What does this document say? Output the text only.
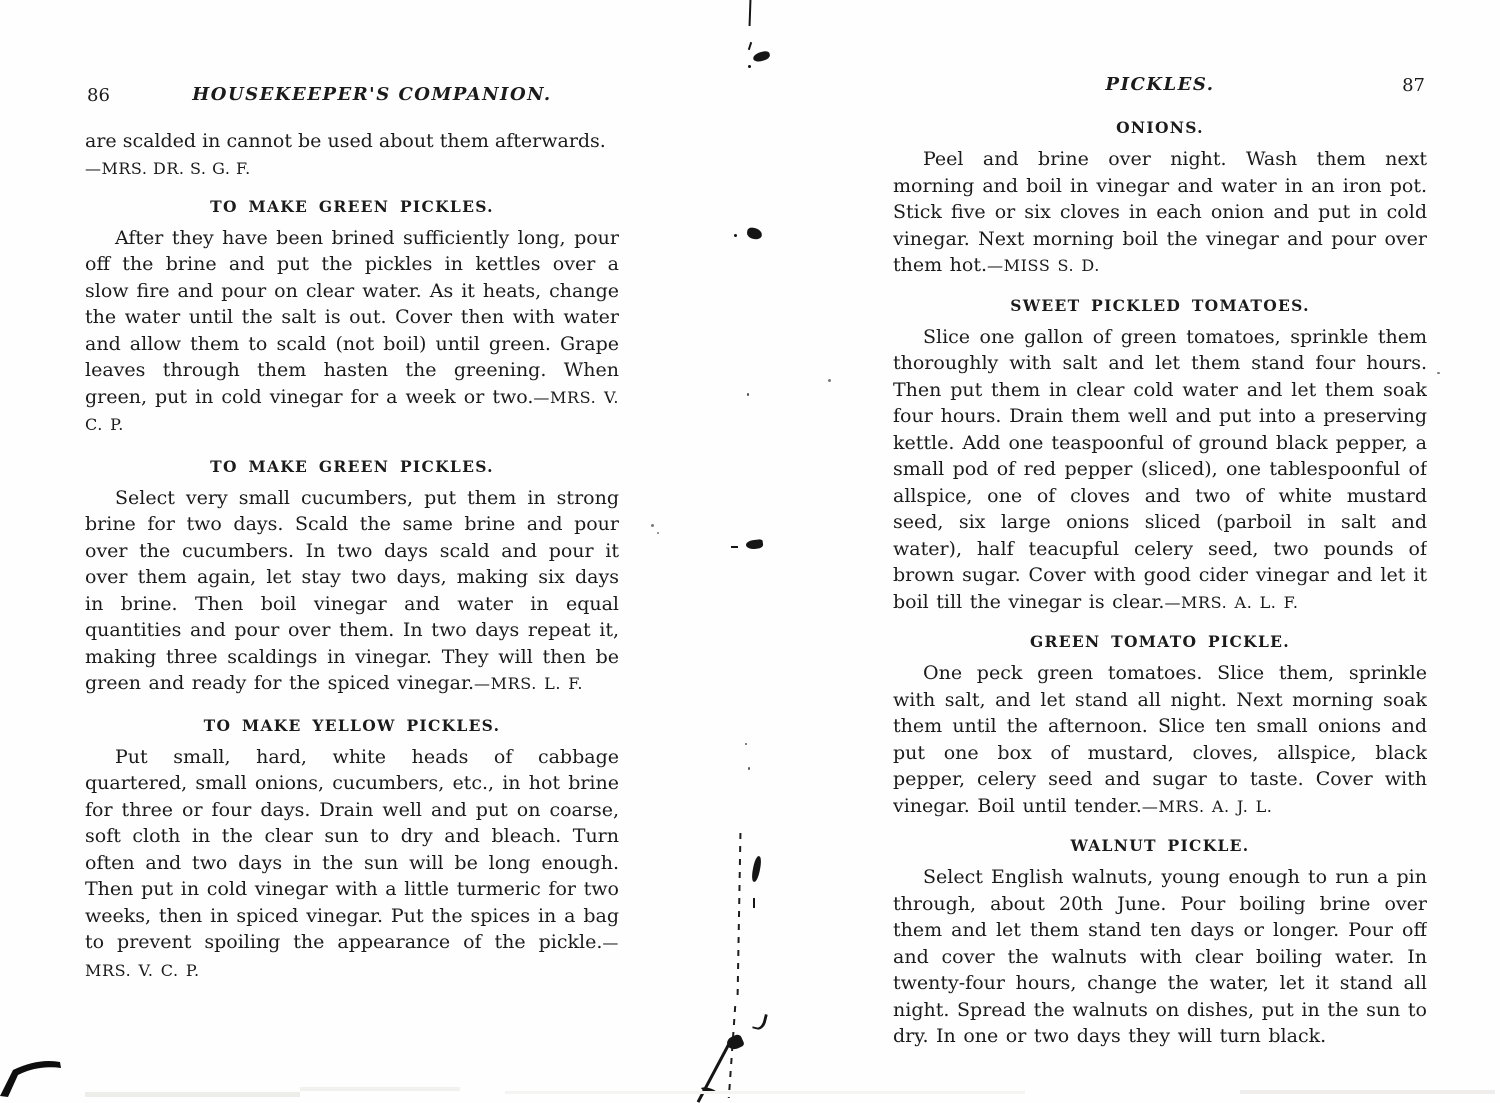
86	HOUSEKEEPER'S COMPANION.
are scalded in cannot be used about them afterwards.
—MRS. DR. S. G. F.
TO MAKE GREEN PICKLES.

After they have been brined sufficiently long, pour off the brine and put the pickles in kettles over a slow fire and pour on clear water. As it heats, change the water until the salt is out. Cover then with water and allow them to scald (not boil) until green. Grape leaves through them hasten the greening. When green, put in cold vinegar for a week or two.—MRS. V. C. P.

TO MAKE GREEN PICKLES.

Select very small cucumbers, put them in strong brine for two days. Scald the same brine and pour over the cucumbers. In two days scald and pour it over them again, let stay two days, making six days in brine. Then boil vinegar and water in equal quantities and pour over them. In two days repeat it, making three scaldings in vinegar. They will then be green and ready for the spiced vinegar.—MRS. L. F.

TO MAKE YELLOW PICKLES.

Put small, hard, white heads of cabbage quartered, small onions, cucumbers, etc., in hot brine for three or four days. Drain well and put on coarse, soft cloth in the clear sun to dry and bleach. Turn often and two days in the sun will be long enough. Then put in cold vinegar with a little turmeric for two weeks, then in spiced vinegar. Put the spices in a bag to prevent spoiling the appearance of the pickle.—MRS. V. C. P.

PICKLES.	87
ONIONS.

Peel and brine over night. Wash them next morning and boil in vinegar and water in an iron pot. Stick five or six cloves in each onion and put in cold vinegar. Next morning boil the vinegar and pour over them hot.—MISS S. D.

SWEET PICKLED TOMATOES.

Slice one gallon of green tomatoes, sprinkle them thoroughly with salt and let them stand four hours. Then put them in clear cold water and let them soak four hours. Drain them well and put into a preserving kettle. Add one teaspoonful of ground black pepper, a small pod of red pepper (sliced), one tablespoonful of allspice, one of cloves and two of white mustard seed, six large onions sliced (parboil in salt and water), half teacupful celery seed, two pounds of brown sugar. Cover with good cider vinegar and let it boil till the vinegar is clear.—MRS. A. L. F.

GREEN TOMATO PICKLE.

One peck green tomatoes. Slice them, sprinkle with salt, and let stand all night. Next morning soak them until the afternoon. Slice ten small onions and put one box of mustard, cloves, allspice, black pepper, celery seed and sugar to taste. Cover with vinegar. Boil until tender.—MRS. A. J. L.

WALNUT PICKLE.

Select English walnuts, young enough to run a pin through, about 20th June. Pour boiling brine over them and let them stand ten days or longer. Pour off and cover the walnuts with clear boiling water. In twenty-four hours, change the water, let it stand all night. Spread the walnuts on dishes, put in the sun to dry. In one or two days they will turn black.
